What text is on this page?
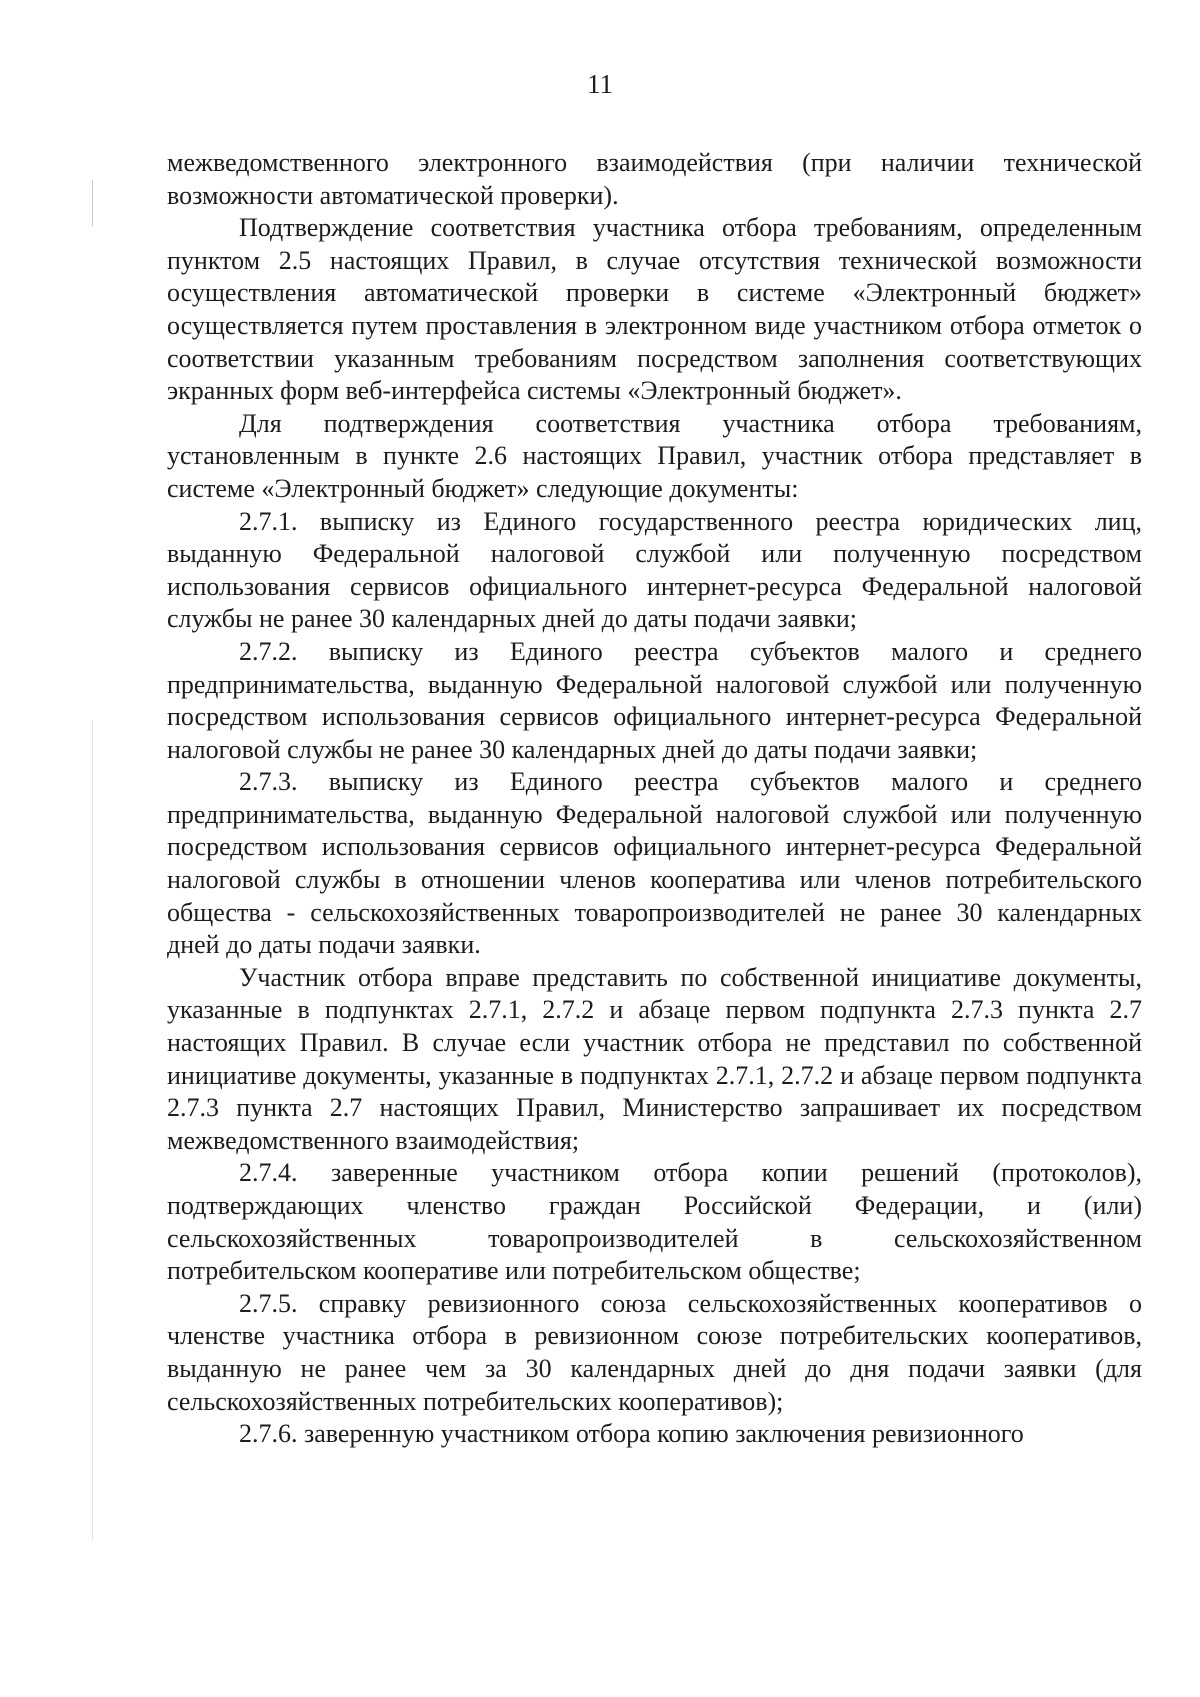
11

межведомственного электронного взаимодействия (при наличии технической возможности автоматической проверки).

Подтверждение соответствия участника отбора требованиям, определенным пунктом 2.5 настоящих Правил, в случае отсутствия технической возможности осуществления автоматической проверки в системе «Электронный бюджет» осуществляется путем проставления в электронном виде участником отбора отметок о соответствии указанным требованиям посредством заполнения соответствующих экранных форм веб-интерфейса системы «Электронный бюджет».

Для подтверждения соответствия участника отбора требованиям, установленным в пункте 2.6 настоящих Правил, участник отбора представляет в системе «Электронный бюджет» следующие документы:

2.7.1. выписку из Единого государственного реестра юридических лиц, выданную Федеральной налоговой службой или полученную посредством использования сервисов официального интернет-ресурса Федеральной налоговой службы не ранее 30 календарных дней до даты подачи заявки;

2.7.2. выписку из Единого реестра субъектов малого и среднего предпринимательства, выданную Федеральной налоговой службой или полученную посредством использования сервисов официального интернет-ресурса Федеральной налоговой службы не ранее 30 календарных дней до даты подачи заявки;

2.7.3. выписку из Единого реестра субъектов малого и среднего предпринимательства, выданную Федеральной налоговой службой или полученную посредством использования сервисов официального интернет-ресурса Федеральной налоговой службы в отношении членов кооператива или членов потребительского общества - сельскохозяйственных товаропроизводителей не ранее 30 календарных дней до даты подачи заявки.

Участник отбора вправе представить по собственной инициативе документы, указанные в подпунктах 2.7.1, 2.7.2 и абзаце первом подпункта 2.7.3 пункта 2.7 настоящих Правил. В случае если участник отбора не представил по собственной инициативе документы, указанные в подпунктах 2.7.1, 2.7.2 и абзаце первом подпункта 2.7.3 пункта 2.7 настоящих Правил, Министерство запрашивает их посредством межведомственного взаимодействия;

2.7.4. заверенные участником отбора копии решений (протоколов), подтверждающих членство граждан Российской Федерации, и (или) сельскохозяйственных товаропроизводителей в сельскохозяйственном потребительском кооперативе или потребительском обществе;

2.7.5. справку ревизионного союза сельскохозяйственных кооперативов о членстве участника отбора в ревизионном союзе потребительских кооперативов, выданную не ранее чем за 30 календарных дней до дня подачи заявки (для сельскохозяйственных потребительских кооперативов);

2.7.6. заверенную участником отбора копию заключения ревизионного
